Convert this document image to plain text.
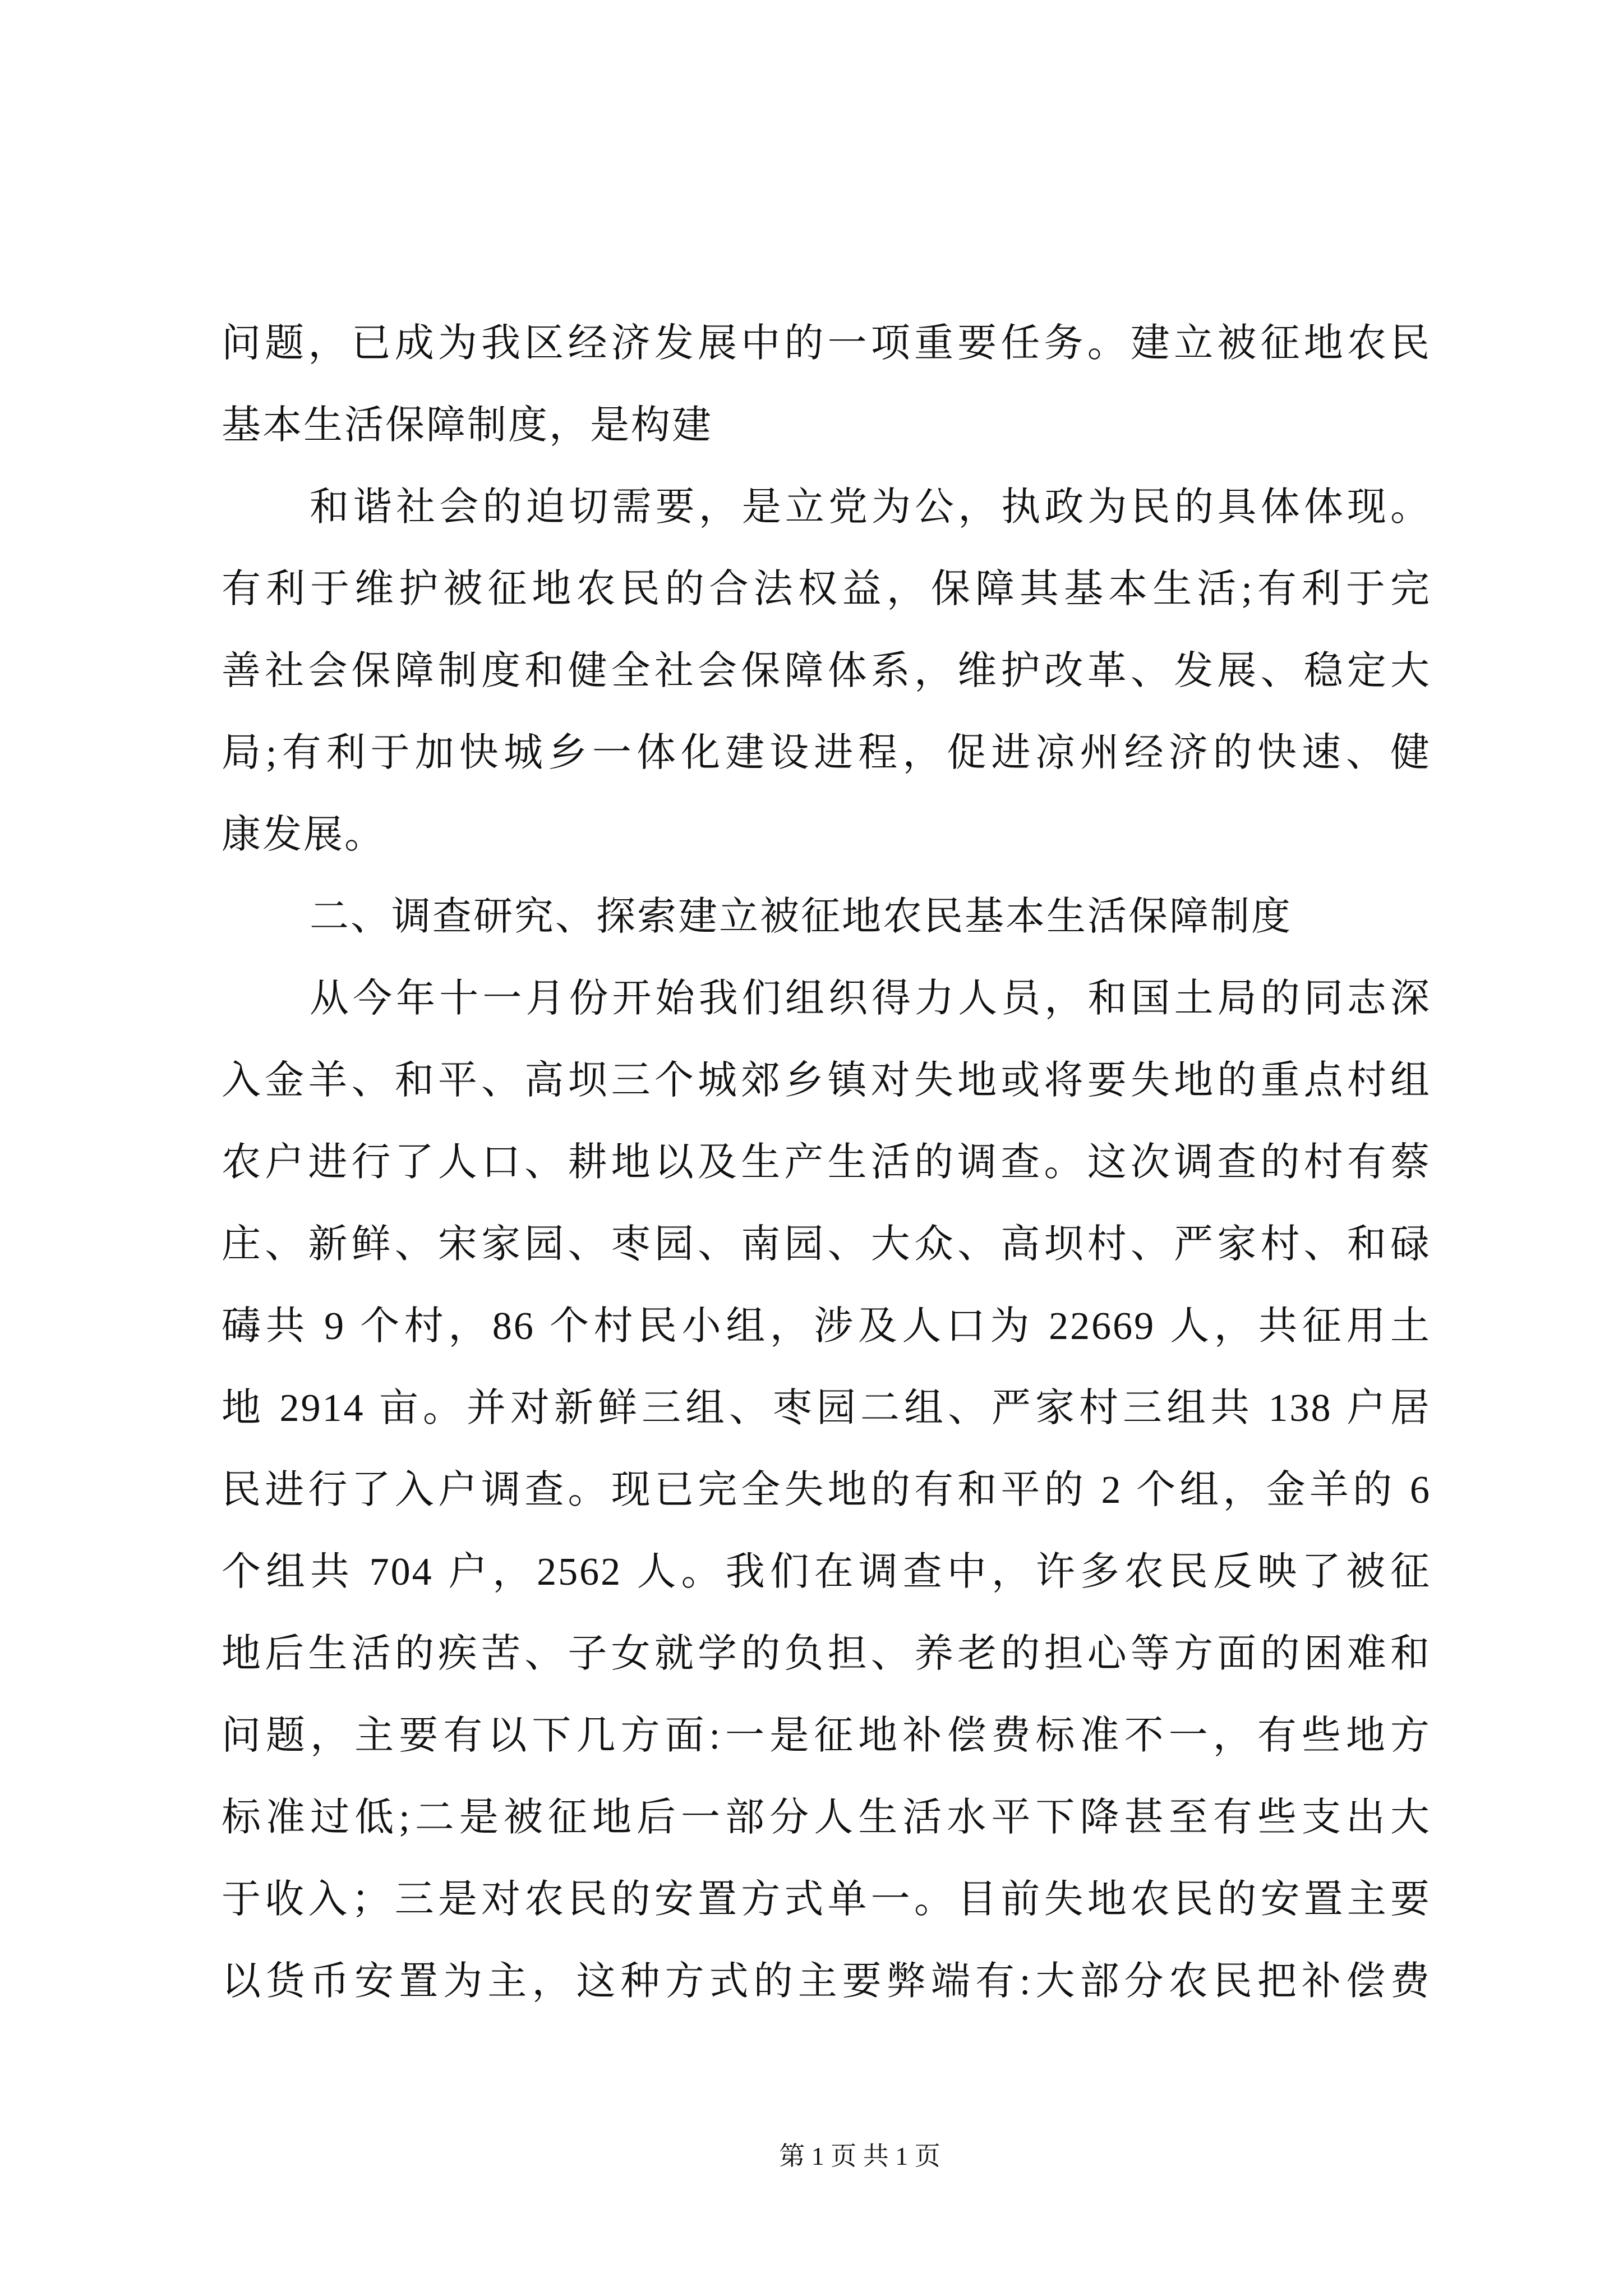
问题，已成为我区经济发展中的一项重要任务。建立被征地农民
基本生活保障制度，是构建
和谐社会的迫切需要，是立党为公，执政为民的具体体现。
有利于维护被征地农民的合法权益，保障其基本生活;有利于完
善社会保障制度和健全社会保障体系，维护改革、发展、稳定大
局;有利于加快城乡一体化建设进程，促进凉州经济的快速、健
康发展。
二、调查研究、探索建立被征地农民基本生活保障制度
从今年十一月份开始我们组织得力人员，和国土局的同志深
入金羊、和平、高坝三个城郊乡镇对失地或将要失地的重点村组
农户进行了人口、耕地以及生产生活的调查。这次调查的村有蔡
庄、新鲜、宋家园、枣园、南园、大众、高坝村、严家村、和碌
碡共 9 个村，86 个村民小组，涉及人口为 22669 人，共征用土
地 2914 亩。并对新鲜三组、枣园二组、严家村三组共 138 户居
民进行了入户调查。现已完全失地的有和平的 2 个组，金羊的 6
个组共 704 户，2562 人。我们在调查中，许多农民反映了被征
地后生活的疾苦、子女就学的负担、养老的担心等方面的困难和
问题，主要有以下几方面:一是征地补偿费标准不一，有些地方
标准过低;二是被征地后一部分人生活水平下降甚至有些支出大
于收入；三是对农民的安置方式单一。目前失地农民的安置主要
以货币安置为主，这种方式的主要弊端有:大部分农民把补偿费
第 1 页 共 1 页
